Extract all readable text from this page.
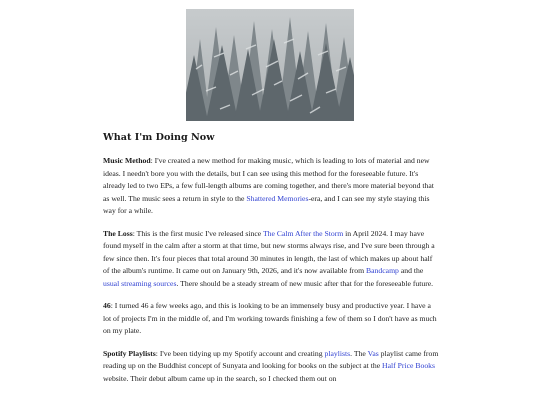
What I'm Doing Now

Music Method: I've created a new method for making music, which is leading to lots of material and new ideas. I needn't bore you with the details, but I can see using this method for the foreseeable future. It's already led to two EPs, a few full-length albums are coming together, and there's more material beyond that as well. The music sees a return in style to the Shattered Memories-era, and I can see my style staying this way for a while.

The Loss: This is the first music I've released since The Calm After the Storm in April 2024. I may have found myself in the calm after a storm at that time, but new storms always rise, and I've sure been through a few since then. It's four pieces that total around 30 minutes in length, the last of which makes up about half of the album's runtime. It came out on January 9th, 2026, and it's now available from Bandcamp and the usual streaming sources. There should be a steady stream of new music after that for the foreseeable future.

46: I turned 46 a few weeks ago, and this is looking to be an immensely busy and productive year. I have a lot of projects I'm in the middle of, and I'm working towards finishing a few of them so I don't have as much on my plate.

Spotify Playlists: I've been tidying up my Spotify account and creating playlists. The Vas playlist came from reading up on the Buddhist concept of Sunyata and looking for books on the subject at the Half Price Books website. Their debut album came up in the search, so I checked them out on
